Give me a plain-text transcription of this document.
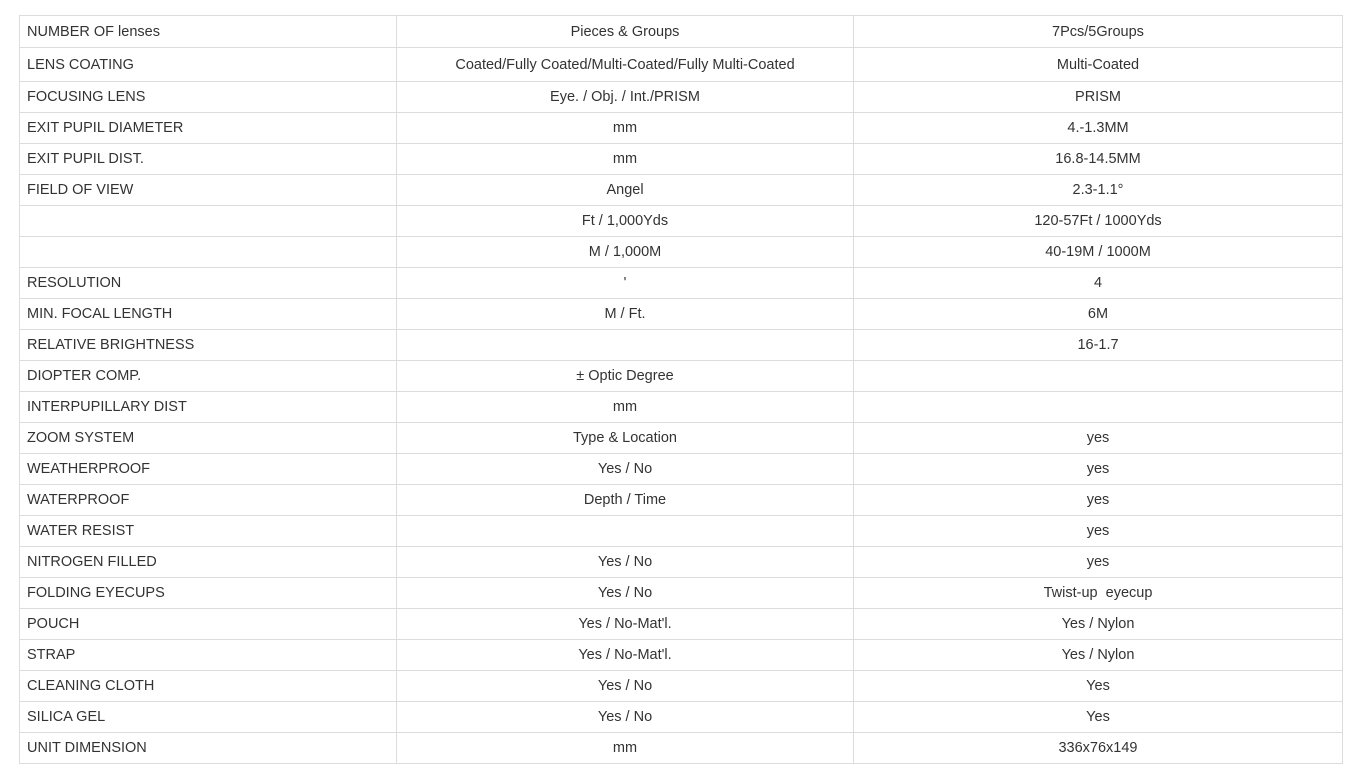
NUMBER OF lenses	Pieces & Groups	7Pcs/5Groups
LENS COATING	Coated/Fully Coated/Multi-Coated/Fully Multi-Coated	Multi-Coated
FOCUSING LENS	Eye. / Obj. / Int./PRISM	PRISM
EXIT PUPIL DIAMETER	mm	4.-1.3MM
EXIT PUPIL DIST.	mm	16.8-14.5MM
FIELD OF VIEW	Angel	2.3-1.1°
	Ft / 1,000Yds	120-57Ft / 1000Yds
	M / 1,000M	40-19M / 1000M
RESOLUTION	'	4
MIN. FOCAL LENGTH	M / Ft.	6M
RELATIVE BRIGHTNESS		16-1.7
DIOPTER COMP.	± Optic Degree	
INTERPUPILLARY DIST	mm	
ZOOM SYSTEM	Type & Location	yes
WEATHERPROOF	Yes / No	yes
WATERPROOF	Depth / Time	yes
WATER RESIST		yes
NITROGEN FILLED	Yes / No	yes
FOLDING EYECUPS	Yes / No	Twist-up  eyecup
POUCH	Yes / No-Mat'l.	Yes / Nylon
STRAP	Yes / No-Mat'l.	Yes / Nylon
CLEANING CLOTH	Yes / No	Yes
SILICA GEL	Yes / No	Yes
UNIT DIMENSION	mm	336x76x149
